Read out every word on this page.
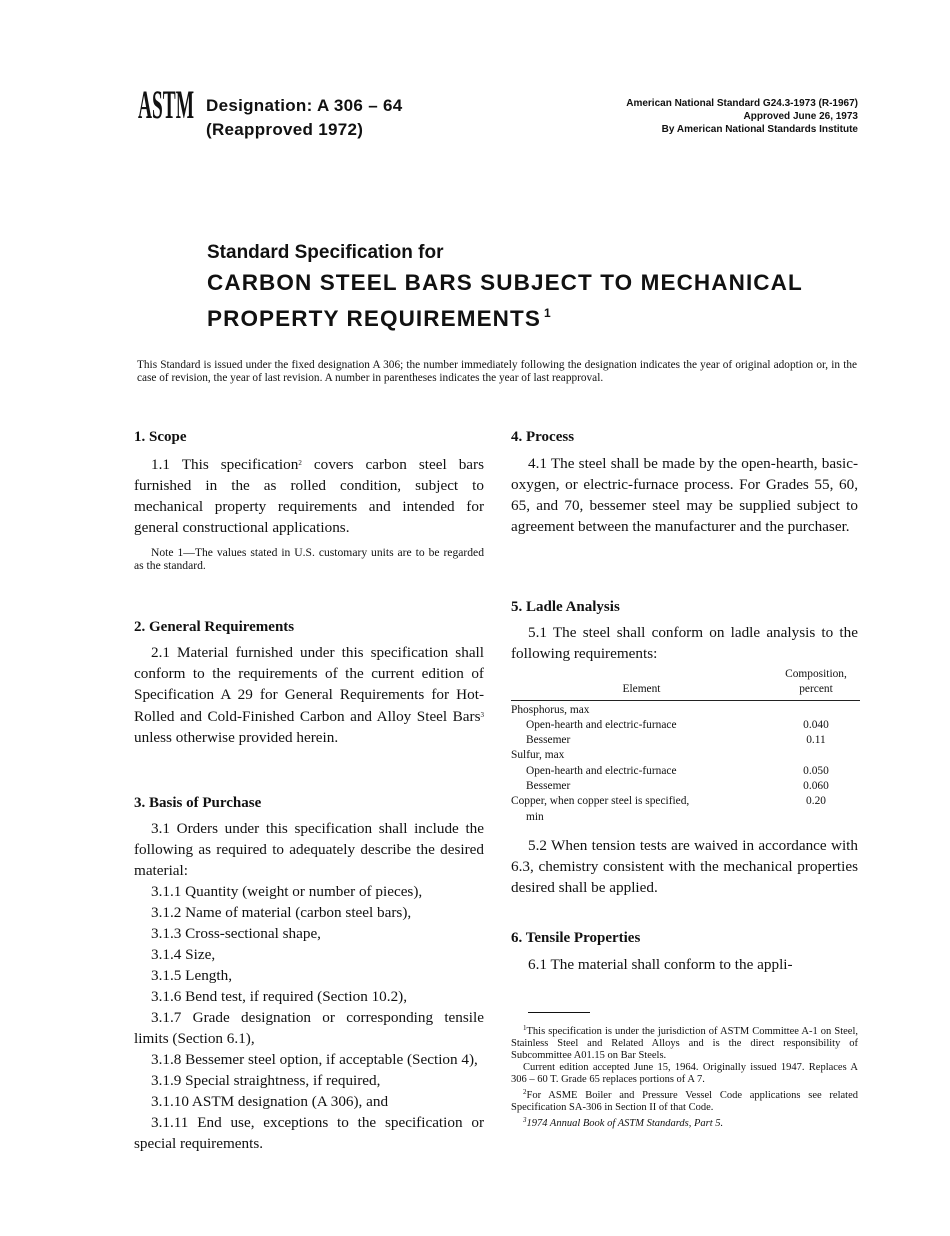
ASTM Designation: A 306 – 64
(Reapproved 1972)
American National Standard G24.3-1973 (R-1967)
Approved June 26, 1973
By American National Standards Institute
Standard Specification for
CARBON STEEL BARS SUBJECT TO MECHANICAL
PROPERTY REQUIREMENTS $^1$
This Standard is issued under the fixed designation A 306; the number immediately following the designation indicates the year of original adoption or, in the case of revision, the year of last revision. A number in parentheses indicates the year of last reapproval.

1. Scope

1.1 This specification$^2$ covers carbon steel bars furnished in the as rolled condition, subject to mechanical property requirements and intended for general constructional applications.

Note 1—The values stated in U.S. customary units are to be regarded as the standard.

2. General Requirements

2.1 Material furnished under this specification shall conform to the requirements of the current edition of Specification A 29 for General Requirements for Hot-Rolled and Cold-Finished Carbon and Alloy Steel Bars$^3$ unless otherwise provided herein.

3. Basis of Purchase

3.1 Orders under this specification shall include the following as required to adequately describe the desired material:

3.1.1 Quantity (weight or number of pieces),

3.1.2 Name of material (carbon steel bars),

3.1.3 Cross-sectional shape,

3.1.4 Size,

3.1.5 Length,

3.1.6 Bend test, if required (Section 10.2),

3.1.7 Grade designation or corresponding tensile limits (Section 6.1),

3.1.8 Bessemer steel option, if acceptable (Section 4),

3.1.9 Special straightness, if required,

3.1.10 ASTM designation (A 306), and

3.1.11 End use, exceptions to the specification or special requirements.

4. Process

4.1 The steel shall be made by the open-hearth, basic-oxygen, or electric-furnace process. For Grades 55, 60, 65, and 70, bessemer steel may be supplied subject to agreement between the manufacturer and the purchaser.

5. Ladle Analysis

5.1 The steel shall conform on ladle analysis to the following requirements:

Element	Composition,
percent

Phosphorus, max	
Open-hearth and electric-furnace	0.040
Bessemer	0.11
Sulfur, max	
Open-hearth and electric-furnace	0.050
Bessemer	0.060
Copper, when copper steel is specified,	0.20
min	

5.2 When tension tests are waived in accordance with 6.3, chemistry consistent with the mechanical properties desired shall be applied.

6. Tensile Properties

6.1 The material shall conform to the appli-

$^1$This specification is under the jurisdiction of ASTM Committee A-1 on Steel, Stainless Steel and Related Alloys and is the direct responsibility of Subcommittee A01.15 on Bar Steels.

Current edition accepted June 15, 1964. Originally issued 1947. Replaces A 306 – 60 T. Grade 65 replaces portions of A 7.

$^2$For ASME Boiler and Pressure Vessel Code applications see related Specification SA-306 in Section II of that Code.

$^3$1974 Annual Book of ASTM Standards, Part 5.
